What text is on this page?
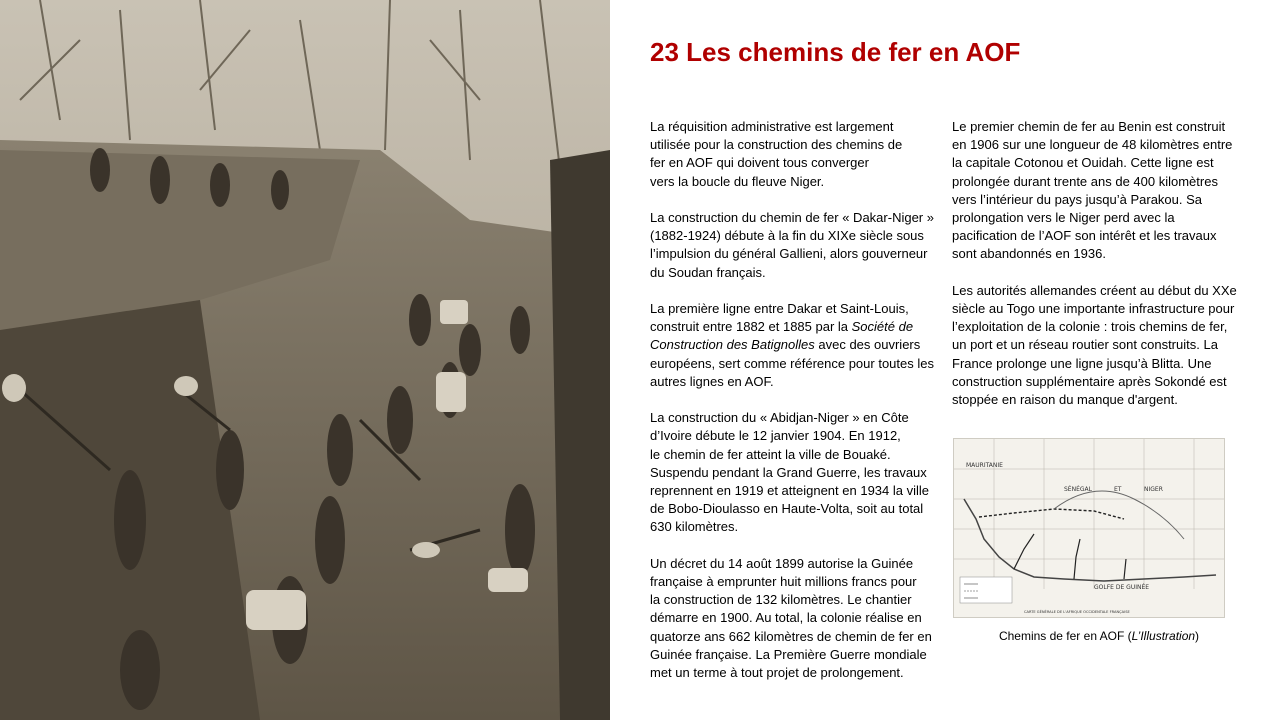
23 Les chemins de fer en AOF

La réquisition administrative est largement
utilisée pour la construction des chemins de
fer en AOF qui doivent tous converger
vers la boucle du fleuve Niger.

La construction du chemin de fer « Dakar-Niger »
(1882-1924) débute à la fin du XIXe siècle sous
l’impulsion du général Gallieni, alors gouverneur
du Soudan français.

La première ligne entre Dakar et Saint-Louis,
construit entre 1882 et 1885 par la Société de
Construction des Batignolles avec des ouvriers
européens, sert comme référence pour toutes les
autres lignes en AOF.

La construction du « Abidjan-Niger » en Côte
d’Ivoire débute le 12 janvier 1904. En 1912,
le chemin de fer atteint la ville de Bouaké.
Suspendu pendant la Grand Guerre, les travaux
reprennent en 1919 et atteignent en 1934 la ville
de Bobo-Dioulasso en Haute-Volta, soit au total
630 kilomètres.

Un décret du 14 août 1899 autorise la Guinée
française à emprunter huit millions francs pour
la construction de 132 kilomètres. Le chantier
démarre en 1900. Au total, la colonie réalise en
quatorze ans 662 kilomètres de chemin de fer en
Guinée française. La Première Guerre mondiale
met un terme à tout projet de prolongement.

Le premier chemin de fer au Benin est construit
en 1906 sur une longueur de 48 kilomètres entre
la capitale Cotonou et Ouidah. Cette ligne est
prolongée durant trente ans de 400 kilomètres
vers l’intérieur du pays jusqu’à Parakou. Sa
prolongation vers le Niger perd avec la
pacification de l’AOF son intérêt et les travaux
sont abandonnés en 1936.

Les autorités allemandes créent au début du XXe
siècle au Togo une importante infrastructure pour
l’exploitation de la colonie : trois chemins de fer,
un port et un réseau routier sont construits. La
France prolonge une ligne jusqu’à Blitta. Une
construction supplémentaire après Sokondé est
stoppée en raison du manque d'argent.

MAURITANIE
SÉNÉGAL	ET	NIGER
GOLFE DE GUINÉE
CARTE GÉNÉRALE DE L'AFRIQUE OCCIDENTALE FRANÇAISE
Chemins de fer en AOF (L’Illustration)
